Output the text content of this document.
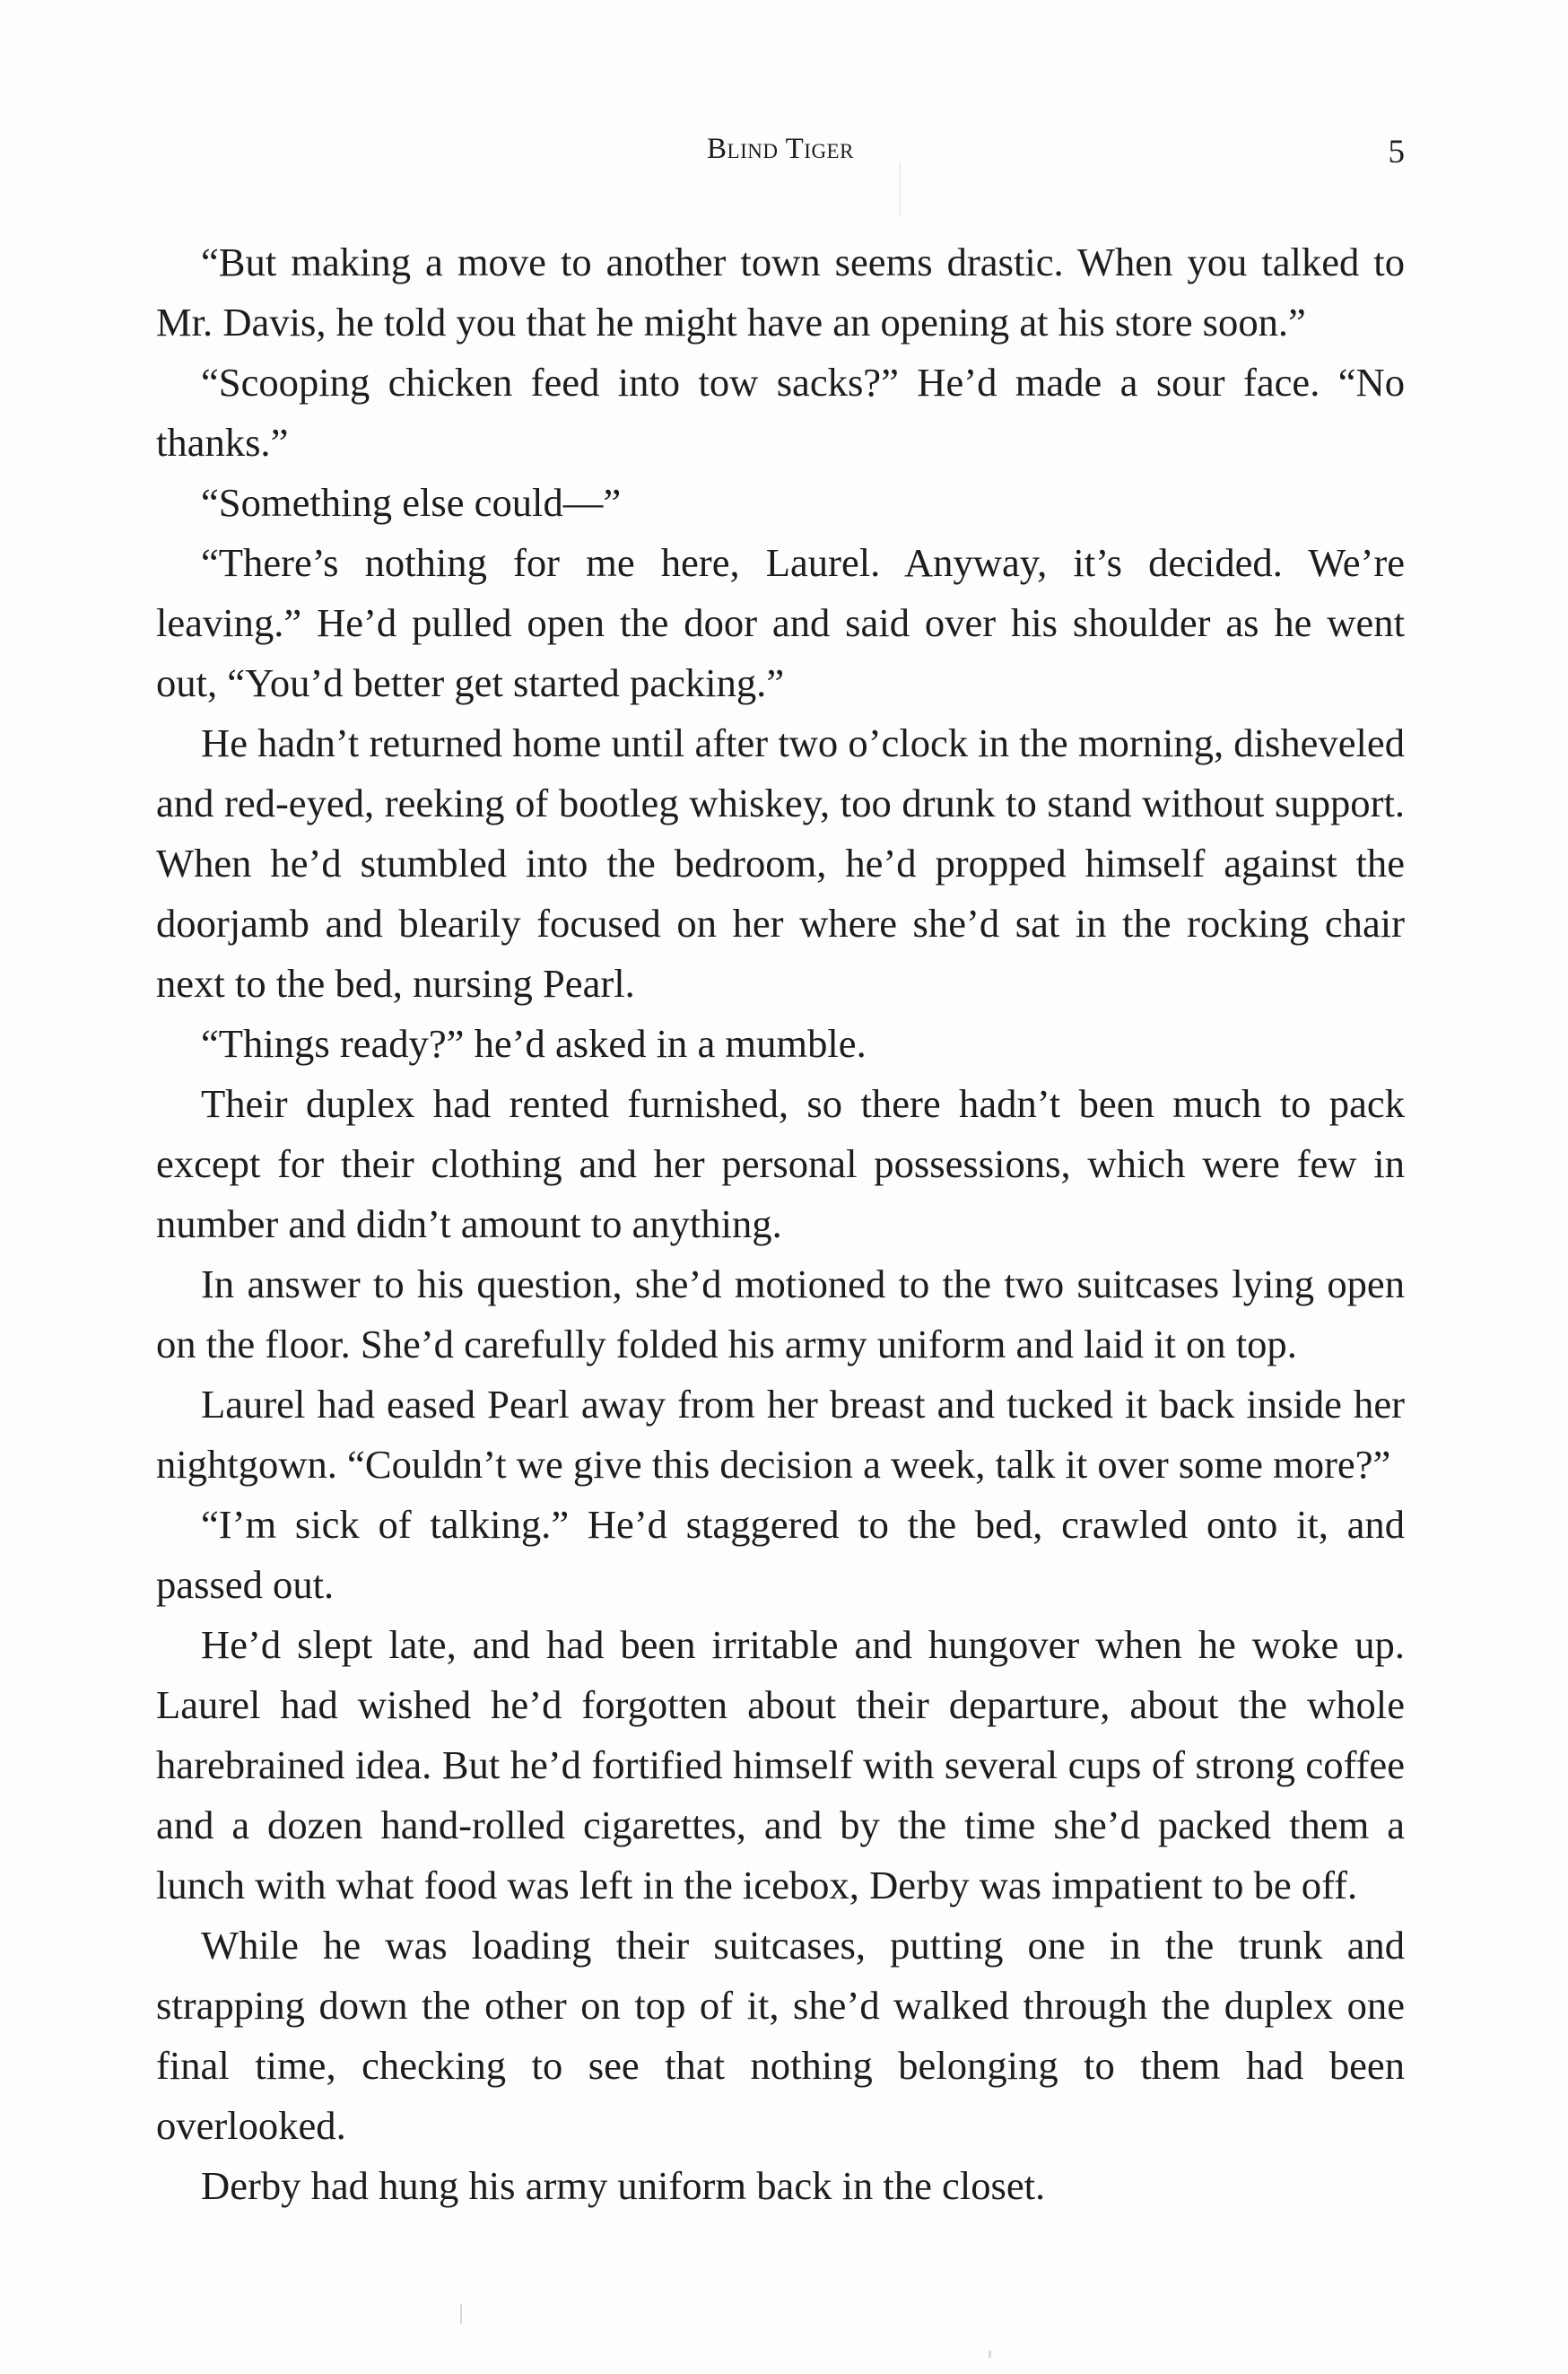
Blind Tiger	5

“But making a move to another town seems drastic. When you talked to Mr. Davis, he told you that he might have an opening at his store soon.”

“Scooping chicken feed into tow sacks?” He’d made a sour face. “No thanks.”

“Something else could—”

“There’s nothing for me here, Laurel. Anyway, it’s decided. We’re leaving.” He’d pulled open the door and said over his shoulder as he went out, “You’d better get started packing.”

He hadn’t returned home until after two o’clock in the morning, disheveled and red-eyed, reeking of bootleg whiskey, too drunk to stand without support. When he’d stumbled into the bedroom, he’d propped himself against the doorjamb and blearily focused on her where she’d sat in the rocking chair next to the bed, nursing Pearl.

“Things ready?” he’d asked in a mumble.

Their duplex had rented furnished, so there hadn’t been much to pack except for their clothing and her personal possessions, which were few in number and didn’t amount to anything.

In answer to his question, she’d motioned to the two suitcases lying open on the floor. She’d carefully folded his army uniform and laid it on top.

Laurel had eased Pearl away from her breast and tucked it back inside her nightgown. “Couldn’t we give this decision a week, talk it over some more?”

“I’m sick of talking.” He’d staggered to the bed, crawled onto it, and passed out.

He’d slept late, and had been irritable and hungover when he woke up. Laurel had wished he’d forgotten about their departure, about the whole harebrained idea. But he’d fortified himself with several cups of strong coffee and a dozen hand-rolled cigarettes, and by the time she’d packed them a lunch with what food was left in the icebox, Derby was impatient to be off.

While he was loading their suitcases, putting one in the trunk and strapping down the other on top of it, she’d walked through the duplex one final time, checking to see that nothing belonging to them had been overlooked.

Derby had hung his army uniform back in the closet.
